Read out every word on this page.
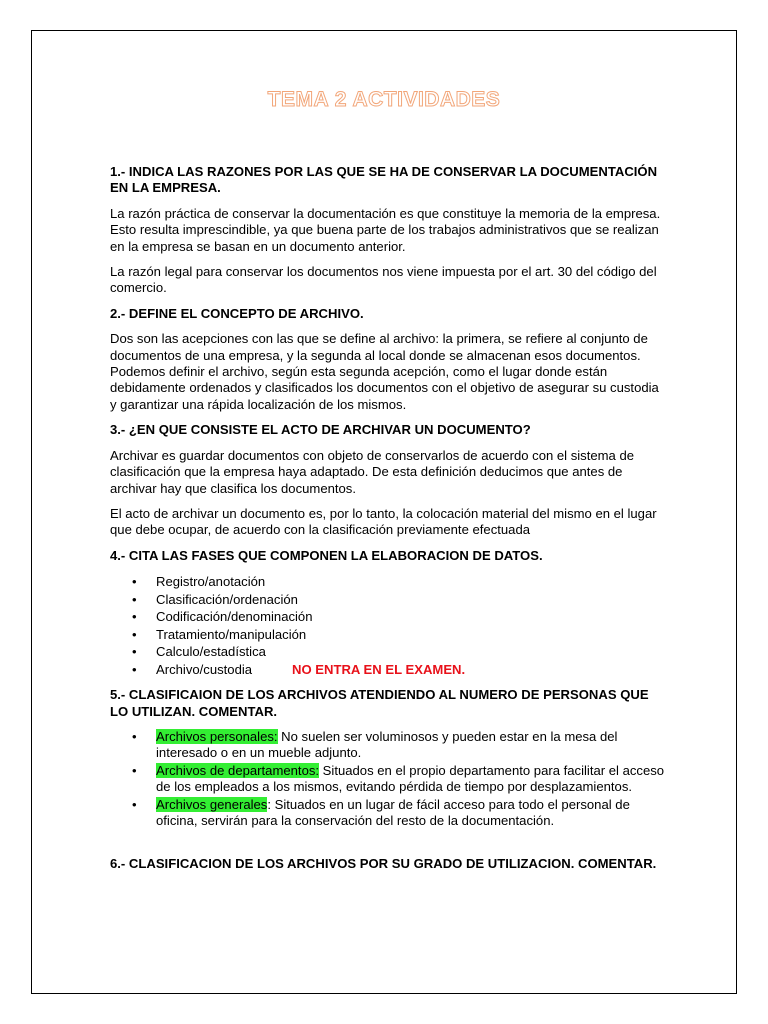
TEMA 2 ACTIVIDADES
1.- INDICA LAS RAZONES POR LAS QUE SE HA DE CONSERVAR LA DOCUMENTACIÓN EN LA EMPRESA.
La razón práctica de conservar la documentación es que constituye la memoria de la empresa. Esto resulta imprescindible, ya que buena parte de los trabajos administrativos que se realizan en la empresa se basan en un documento anterior.
La razón legal para conservar los documentos nos viene impuesta por el art. 30 del código del comercio.
2.- DEFINE EL CONCEPTO DE ARCHIVO.
Dos son las acepciones con las que se define al archivo: la primera, se refiere al conjunto de documentos de una empresa, y la segunda al local donde se almacenan esos documentos. Podemos definir el archivo, según esta segunda acepción, como el lugar donde están debidamente ordenados y clasificados los documentos con el objetivo de asegurar su custodia y garantizar una rápida localización de los mismos.
3.- ¿EN QUE CONSISTE EL ACTO DE ARCHIVAR UN DOCUMENTO?
Archivar es guardar documentos con objeto de conservarlos de acuerdo con el sistema de clasificación que la empresa haya adaptado. De esta definición deducimos que antes de archivar hay que clasifica los documentos.
El acto de archivar un documento es, por lo tanto, la colocación material del mismo en el lugar que debe ocupar, de acuerdo con la clasificación previamente efectuada
4.- CITA LAS FASES QUE COMPONEN LA ELABORACION DE DATOS.
• Registro/anotación
• Clasificación/ordenación
• Codificación/denominación
• Tratamiento/manipulación
• Calculo/estadística
• Archivo/custodia	NO ENTRA EN EL EXAMEN.
5.- CLASIFICAION DE LOS ARCHIVOS ATENDIENDO AL NUMERO DE PERSONAS QUE LO UTILIZAN. COMENTAR.
• Archivos personales: No suelen ser voluminosos y pueden estar en la mesa del interesado o en un mueble adjunto.
• Archivos de departamentos: Situados en el propio departamento para facilitar el acceso de los empleados a los mismos, evitando pérdida de tiempo por desplazamientos.
• Archivos generales: Situados en un lugar de fácil acceso para todo el personal de oficina, servirán para la conservación del resto de la documentación.
6.- CLASIFICACION DE LOS ARCHIVOS POR SU GRADO DE UTILIZACION. COMENTAR.
